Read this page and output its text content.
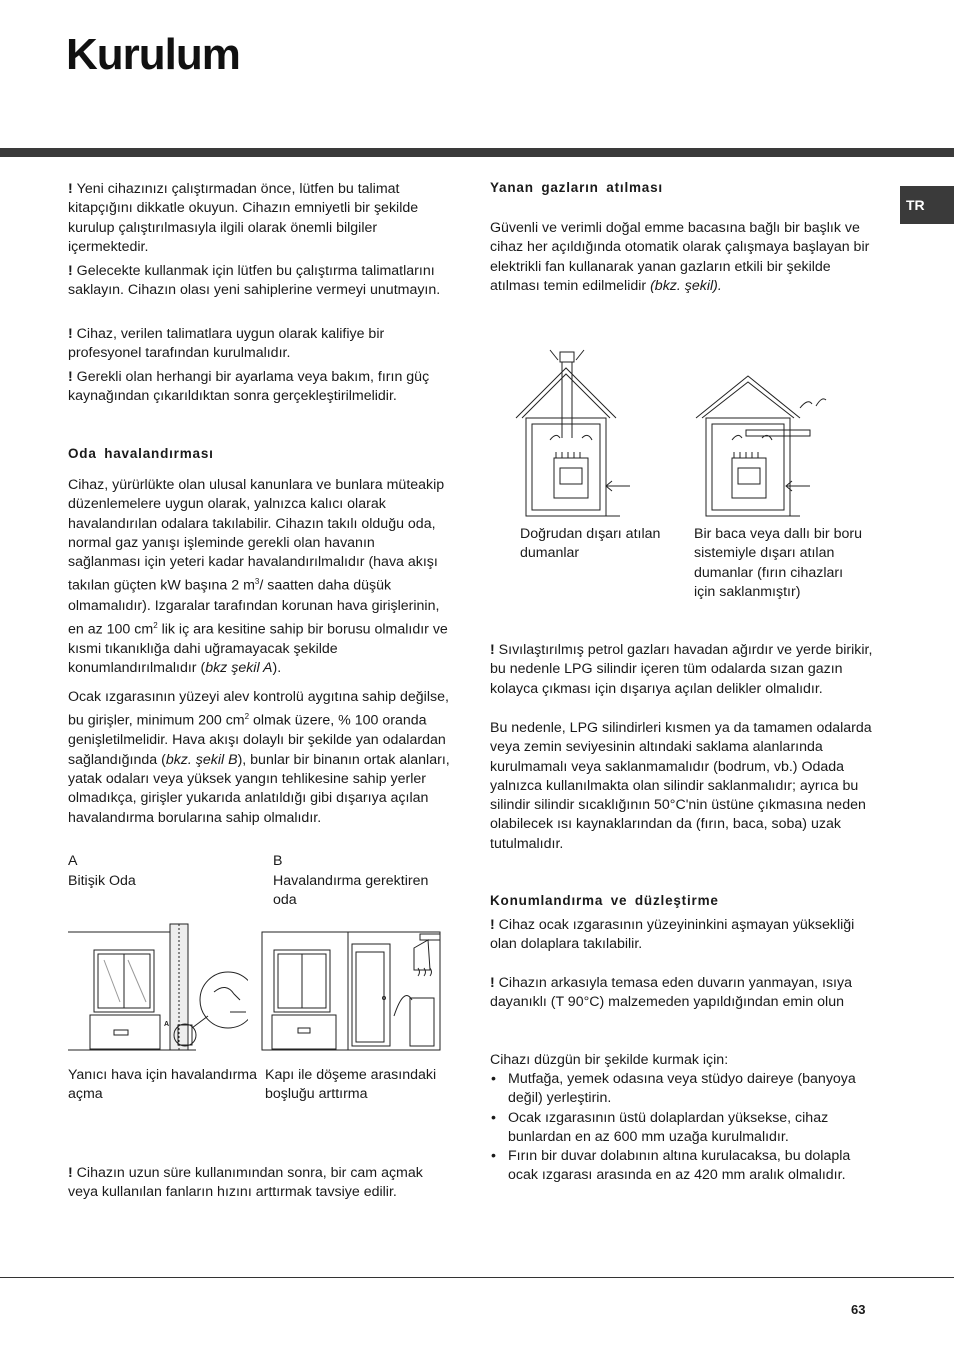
Kurulum
TR

! Yeni cihazınızı çalıştırmadan önce, lütfen bu talimat kitapçığını dikkatle okuyun. Cihazın emniyetli bir şekilde kurulup çalıştırılmasıyla ilgili olarak önemli bilgiler içermektedir.

! Gelecekte kullanmak için lütfen bu çalıştırma talimatlarını saklayın. Cihazın olası yeni sahiplerine vermeyi unutmayın.

! Cihaz, verilen talimatlara uygun olarak kalifiye bir profesyonel tarafından kurulmalıdır.

! Gerekli olan herhangi bir ayarlama veya bakım, fırın güç kaynağından çıkarıldıktan sonra gerçekleştirilmelidir.

Oda havalandırması

Cihaz, yürürlükte olan ulusal kanunlara ve bunlara müteakip düzenlemelere uygun olarak, yalnızca kalıcı olarak havalandırılan odalara takılabilir. Cihazın takılı olduğu oda, normal gaz yanışı işleminde gerekli olan havanın sağlanması için yeteri kadar havalandırılmalıdır (hava akışı takılan güçten kW başına 2 $m^3/$ saatten daha düşük olmamalıdır). Izgaralar tarafından korunan hava girişlerinin, en az 100 $cm^2$ lik iç ara kesitine sahip bir borusu olmalıdır ve kısmi tıkanıklığa dahi uğramayacak şekilde konumlandırılmalıdır (bkz şekil A).

Ocak ızgarasının yüzeyi alev kontrolü aygıtına sahip değilse, bu girişler, minimum 200 $cm^2$ olmak üzere, % 100 oranda genişletilmelidir. Hava akışı dolaylı bir şekilde yan odalardan sağlandığında (bkz. şekil B), bunlar bir binanın ortak alanları, yatak odaları veya yüksek yangın tehlikesine sahip yerler olmadıkça, girişler yukarıda anlatıldığı gibi dışarıya açılan havalandırma borularına sahip olmalıdır.

A
Bitişik Oda
B
Havalandırma gerektiren oda
A
Yanıcı hava için havalandırma açma
Kapı ile döşeme arasındaki boşluğu arttırma

! Cihazın uzun süre kullanımından sonra, bir cam açmak veya kullanılan fanların hızını arttırmak tavsiye edilir.

Yanan gazların atılması

Güvenli ve verimli doğal emme bacasına bağlı bir başlık ve cihaz her açıldığında otomatik olarak çalışmaya başlayan bir elektrikli fan kullanarak yanan gazların etkili bir şekilde atılması temin edilmelidir (bkz. şekil).

Doğrudan dışarı atılan dumanlar
Bir baca veya dallı bir boru sistemiyle dışarı atılan dumanlar (fırın cihazları için saklanmıştır)

! Sıvılaştırılmış petrol gazları havadan ağırdır ve yerde birikir, bu nedenle LPG silindir içeren tüm odalarda sızan gazın kolayca çıkması için dışarıya açılan delikler olmalıdır.

Bu nedenle, LPG silindirleri kısmen ya da tamamen odalarda veya zemin seviyesinin altındaki saklama alanlarında kurulmamalı veya saklanmamalıdır (bodrum, vb.) Odada yalnızca kullanılmakta olan silindir saklanmalıdır; ayrıca bu silindir silindir sıcaklığının 50°C'nin üstüne çıkmasına neden olabilecek ısı kaynaklarından da (fırın, baca, soba) uzak tutulmalıdır.

Konumlandırma ve düzleştirme

! Cihaz ocak ızgarasının yüzeyininkini aşmayan yüksekliği olan dolaplara takılabilir.

! Cihazın arkasıyla temasa eden duvarın yanmayan, ısıya dayanıklı (T 90°C) malzemeden yapıldığından emin olun

Cihazı düzgün bir şekilde kurmak için:

• Mutfağa, yemek odasına veya stüdyo daireye (banyoya değil) yerleştirin.
• Ocak ızgarasının üstü dolaplardan yüksekse, cihaz bunlardan en az 600 mm uzağa kurulmalıdır.
• Fırın bir duvar dolabının altına kurulacaksa, bu dolapla ocak ızgarası arasında en az 420 mm aralık olmalıdır.
63
